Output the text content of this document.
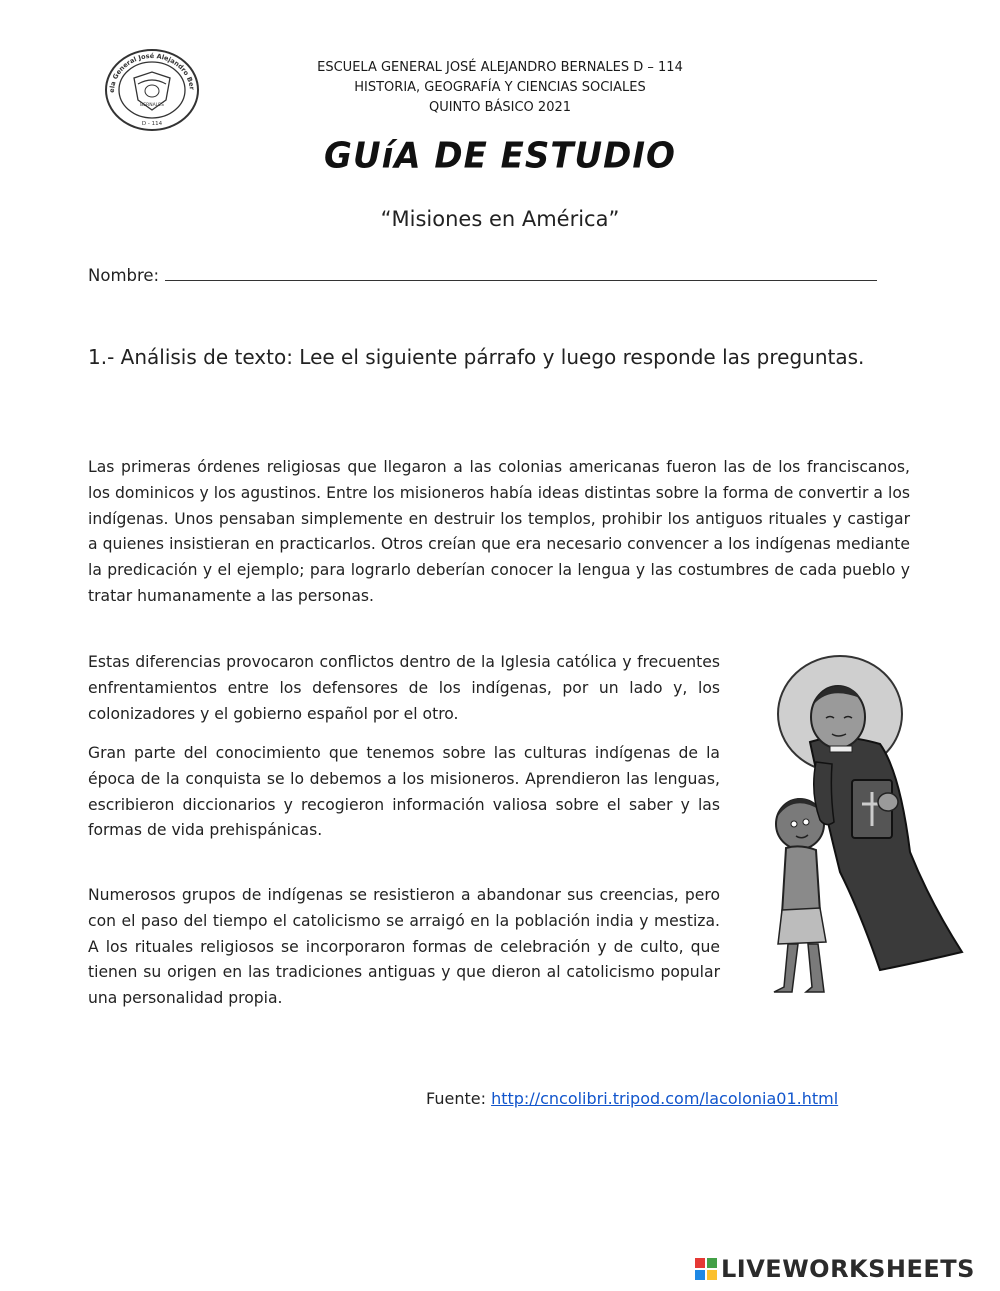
BERNALES
ela General José Alejandro Ber
D - 114
ESCUELA GENERAL JOSÉ ALEJANDRO BERNALES D – 114
HISTORIA, GEOGRAFÍA Y CIENCIAS SOCIALES
QUINTO BÁSICO 2021
GUíA DE ESTUDIO
“Misiones en América”
Nombre:
1.- Análisis de texto: Lee el siguiente párrafo y luego responde las preguntas.
Las primeras órdenes religiosas que llegaron a las colonias americanas fueron las de los franciscanos, los dominicos y los agustinos. Entre los misioneros había ideas distintas sobre la forma de convertir a los indígenas. Unos pensaban simplemente en destruir los templos, prohibir los antiguos rituales y castigar a quienes insistieran en practicarlos. Otros creían que era necesario convencer a los indígenas mediante la predicación y el ejemplo; para lograrlo deberían conocer la lengua y las costumbres de cada pueblo y tratar humanamente a las personas.
Estas diferencias provocaron conflictos dentro de la Iglesia católica y frecuentes enfrentamientos entre los defensores de los indígenas, por un lado y, los colonizadores y el gobierno español por el otro.
Gran parte del conocimiento que tenemos sobre las culturas indígenas de la época de la conquista se lo debemos a los misioneros. Aprendieron las lenguas, escribieron diccionarios y recogieron información valiosa sobre el saber y las formas de vida prehispánicas.
Numerosos grupos de indígenas se resistieron a abandonar sus creencias, pero con el paso del tiempo el catolicismo se arraigó en la población india y mestiza. A los rituales religiosos se incorporaron formas de celebración y de culto, que tienen su origen en las tradiciones antiguas y que dieron al catolicismo popular una personalidad propia.
Fuente: http://cncolibri.tripod.com/lacolonia01.html
LIVEWORKSHEETS
